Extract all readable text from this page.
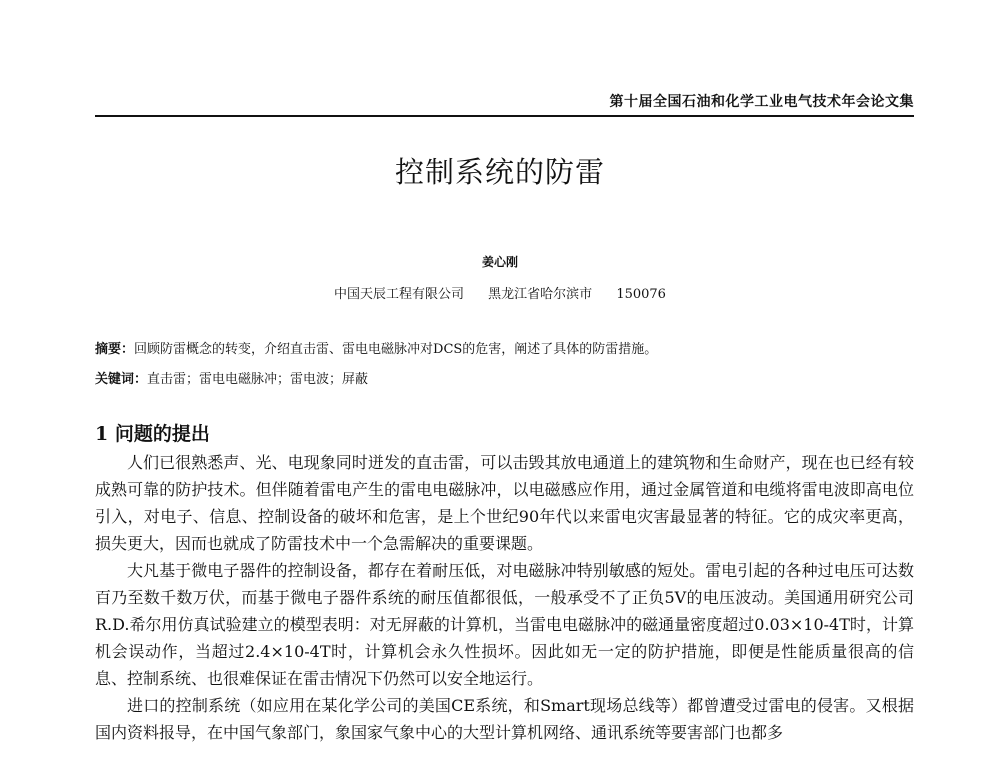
第十届全国石油和化学工业电气技术年会论文集
控制系统的防雷
姜心刚
中国天辰工程有限公司 黑龙江省哈尔滨市 150076
摘要：回顾防雷概念的转变，介绍直击雷、雷电电磁脉冲对DCS的危害，阐述了具体的防雷措施。
关键词：直击雷；雷电电磁脉冲；雷电波；屏蔽
1 问题的提出

人们已很熟悉声、光、电现象同时迸发的直击雷，可以击毁其放电通道上的建筑物和生命财产，现在也已经有较成熟可靠的防护技术。但伴随着雷电产生的雷电电磁脉冲，以电磁感应作用，通过金属管道和电缆将雷电波即高电位引入，对电子、信息、控制设备的破坏和危害，是上个世纪90年代以来雷电灾害最显著的特征。它的成灾率更高，损失更大，因而也就成了防雷技术中一个急需解决的重要课题。

大凡基于微电子器件的控制设备，都存在着耐压低，对电磁脉冲特别敏感的短处。雷电引起的各种过电压可达数百乃至数千数万伏，而基于微电子器件系统的耐压值都很低，一般承受不了正负5V的电压波动。美国通用研究公司R.D.希尔用仿真试验建立的模型表明：对无屏蔽的计算机，当雷电电磁脉冲的磁通量密度超过0.03×10-4T时，计算机会误动作，当超过2.4×10-4T时，计算机会永久性损坏。因此如无一定的防护措施，即便是性能质量很高的信息、控制系统、也很难保证在雷击情况下仍然可以安全地运行。

进口的控制系统（如应用在某化学公司的美国CE系统，和Smart现场总线等）都曾遭受过雷电的侵害。又根据国内资料报导，在中国气象部门，象国家气象中心的大型计算机网络、通讯系统等要害部门也都多
